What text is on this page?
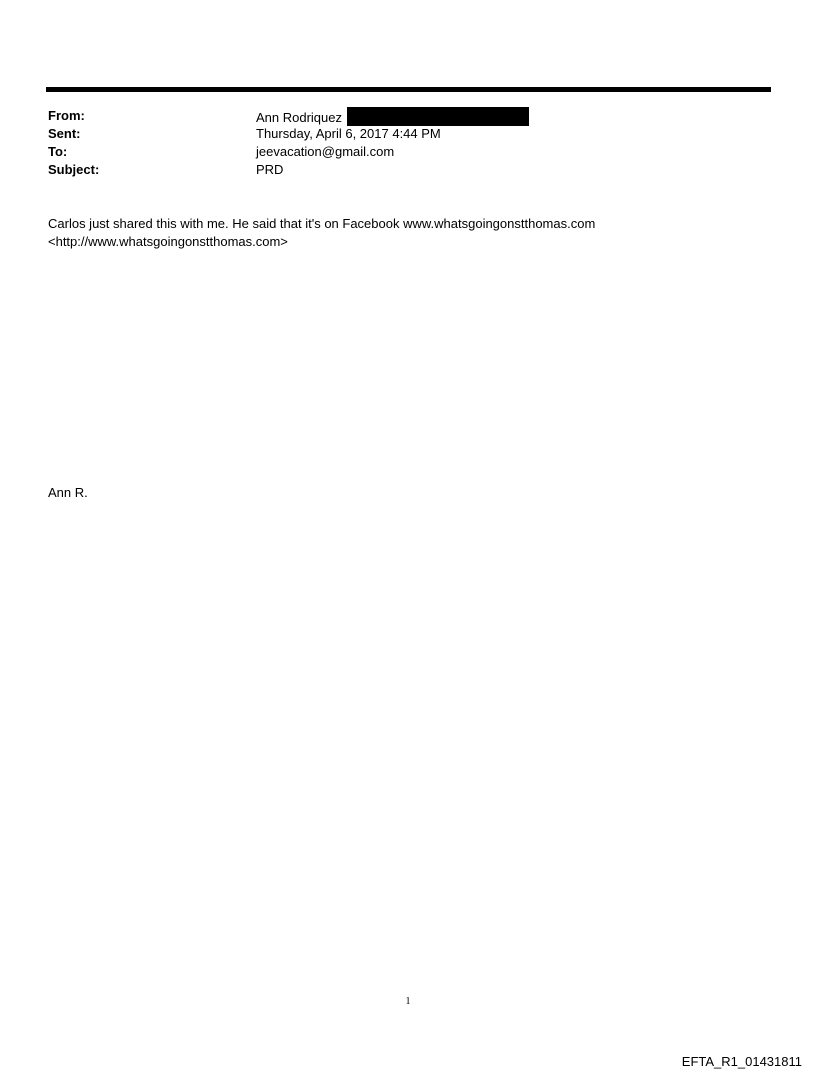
From:	Ann Rodriquez
Sent:	Thursday, April 6, 2017 4:44 PM
To:	jeevacation@gmail.com
Subject:	PRD
Carlos just shared this with me. He said that it's on Facebook www.whatsgoingonstthomas.com
<http://www.whatsgoingonstthomas.com>
Ann R.
1
EFTA_R1_01431811
